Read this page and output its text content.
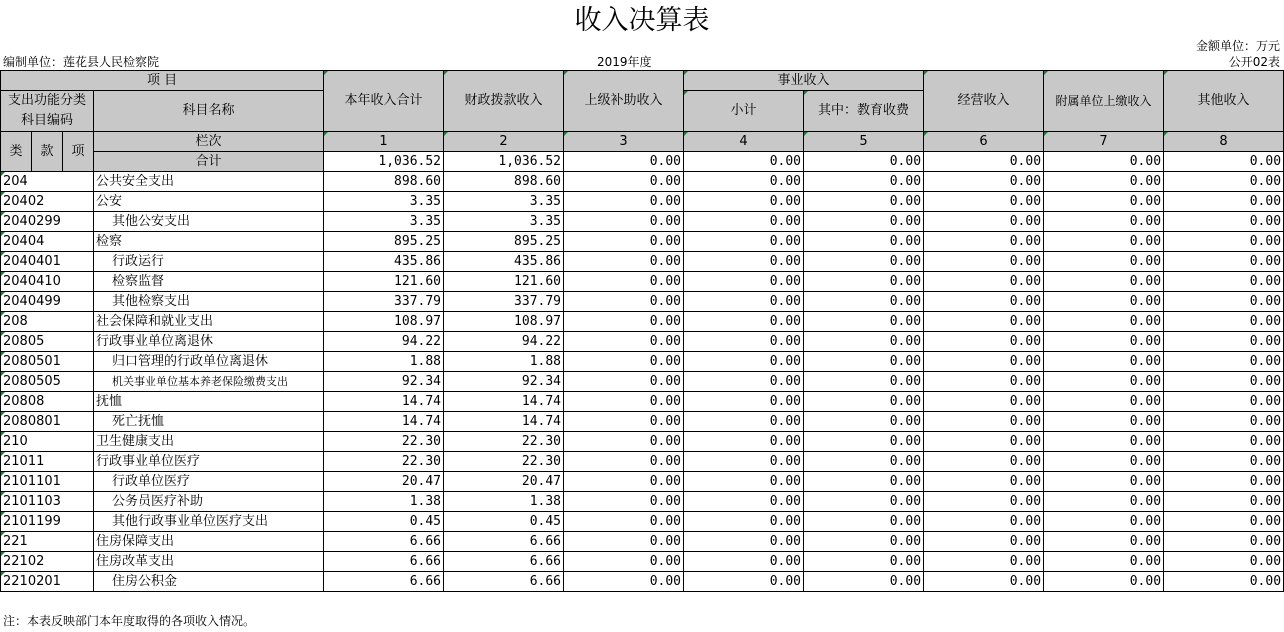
收入决算表
金额单位：万元
编制单位：莲花县人民检察院	2019年度	公开02表
项 目				本年收入合计	财政拨款收入	上级补助收入	事业收入		经营收入	附属单位上缴收入	其他收入
支出功能分类科目编码			科目名称				小计	其中：教育收费			

类	款	项	栏次	1	2	3	4	5	6	7	8
			合计	1,036.52	1,036.52	0.00	0.00	0.00	0.00	0.00	0.00
204			公共安全支出	898.60	898.60	0.00	0.00	0.00	0.00	0.00	0.00
20402			公安	3.35	3.35	0.00	0.00	0.00	0.00	0.00	0.00
2040299			其他公安支出	3.35	3.35	0.00	0.00	0.00	0.00	0.00	0.00
20404			检察	895.25	895.25	0.00	0.00	0.00	0.00	0.00	0.00
2040401			行政运行	435.86	435.86	0.00	0.00	0.00	0.00	0.00	0.00
2040410			检察监督	121.60	121.60	0.00	0.00	0.00	0.00	0.00	0.00
2040499			其他检察支出	337.79	337.79	0.00	0.00	0.00	0.00	0.00	0.00
208			社会保障和就业支出	108.97	108.97	0.00	0.00	0.00	0.00	0.00	0.00
20805			行政事业单位离退休	94.22	94.22	0.00	0.00	0.00	0.00	0.00	0.00
2080501			归口管理的行政单位离退休	1.88	1.88	0.00	0.00	0.00	0.00	0.00	0.00
2080505			机关事业单位基本养老保险缴费支出	92.34	92.34	0.00	0.00	0.00	0.00	0.00	0.00
20808			抚恤	14.74	14.74	0.00	0.00	0.00	0.00	0.00	0.00
2080801			死亡抚恤	14.74	14.74	0.00	0.00	0.00	0.00	0.00	0.00
210			卫生健康支出	22.30	22.30	0.00	0.00	0.00	0.00	0.00	0.00
21011			行政事业单位医疗	22.30	22.30	0.00	0.00	0.00	0.00	0.00	0.00
2101101			行政单位医疗	20.47	20.47	0.00	0.00	0.00	0.00	0.00	0.00
2101103			公务员医疗补助	1.38	1.38	0.00	0.00	0.00	0.00	0.00	0.00
2101199			其他行政事业单位医疗支出	0.45	0.45	0.00	0.00	0.00	0.00	0.00	0.00
221			住房保障支出	6.66	6.66	0.00	0.00	0.00	0.00	0.00	0.00
22102			住房改革支出	6.66	6.66	0.00	0.00	0.00	0.00	0.00	0.00
2210201			住房公积金	6.66	6.66	0.00	0.00	0.00	0.00	0.00	0.00
注：本表反映部门本年度取得的各项收入情况。
